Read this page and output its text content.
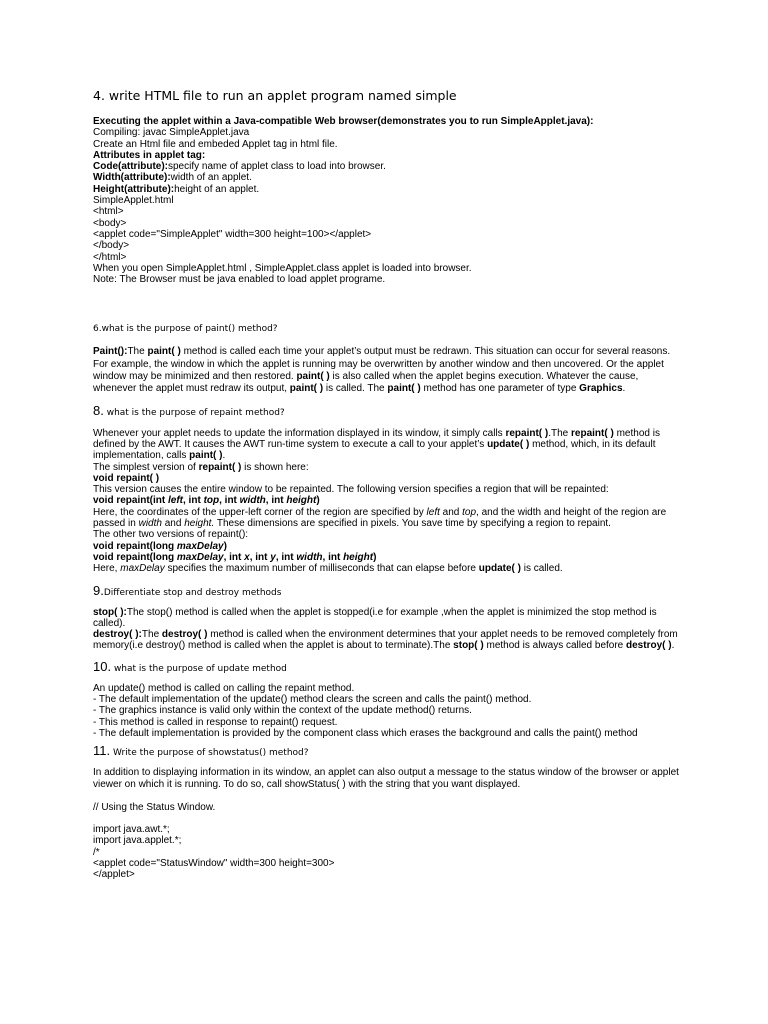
4. write HTML file to run an applet program named simple
Executing the applet within a Java-compatible Web browser(demonstrates you to run SimpleApplet.java):
Compiling: javac SimpleApplet.java
Create an Html file and embeded Applet tag in html file.
Attributes in applet tag:
Code(attribute):specify name of applet class to load into browser.
Width(attribute):width of an applet.
Height(attribute):height of an applet.
SimpleApplet.html
<html>
<body>
<applet code="SimpleApplet" width=300 height=100></applet>
</body>
</html>
When you open SimpleApplet.html , SimpleApplet.class applet is loaded into browser.
Note: The Browser must be java enabled to load applet programe.
6.what is the purpose of paint() method?

Paint():The paint( ) method is called each time your applet’s output must be redrawn. This situation can occur for several reasons. For example, the window in which the applet is running may be overwritten by another window and then uncovered. Or the applet window may be minimized and then restored. paint( ) is also called when the applet begins execution. Whatever the cause, whenever the applet must redraw its output, paint( ) is called. The paint( ) method has one parameter of type Graphics.

8. what is the purpose of repaint method?
Whenever your applet needs to update the information displayed in its window, it simply calls repaint( ).The repaint( ) method is defined by the AWT. It causes the AWT run-time system to execute a call to your applet’s update( ) method, which, in its default implementation, calls paint( ).
The simplest version of repaint( ) is shown here:
void repaint( )
This version causes the entire window to be repainted. The following version specifies a region that will be repainted:
void repaint(int left, int top, int width, int height)
Here, the coordinates of the upper-left corner of the region are specified by left and top, and the width and height of the region are passed in width and height. These dimensions are specified in pixels. You save time by specifying a region to repaint.
The other two versions of repaint():
void repaint(long maxDelay)
void repaint(long maxDelay, int x, int y, int width, int height)
Here, maxDelay specifies the maximum number of milliseconds that can elapse before update( ) is called.
9.Differentiate stop and destroy methods
stop( ):The stop() method is called when the applet is stopped(i.e for example ,when the applet is minimized the stop method is called).
destroy( ):The destroy( ) method is called when the environment determines that your applet needs to be removed completely from memory(i.e destroy() method is called when the applet is about to terminate).The stop( ) method is always called before destroy( ).
10. what is the purpose of update method
An update() method is called on calling the repaint method.
- The default implementation of the update() method clears the screen and calls the paint() method.
- The graphics instance is valid only within the context of the update method() returns.
- This method is called in response to repaint() request.
- The default implementation is provided by the component class which erases the background and calls the paint() method
11. Write the purpose of showstatus() method?

In addition to displaying information in its window, an applet can also output a message to the status window of the browser or applet viewer on which it is running. To do so, call showStatus( ) with the string that you want displayed.

// Using the Status Window.
import java.awt.*;
import java.applet.*;
/*
<applet code="StatusWindow" width=300 height=300>
</applet>
